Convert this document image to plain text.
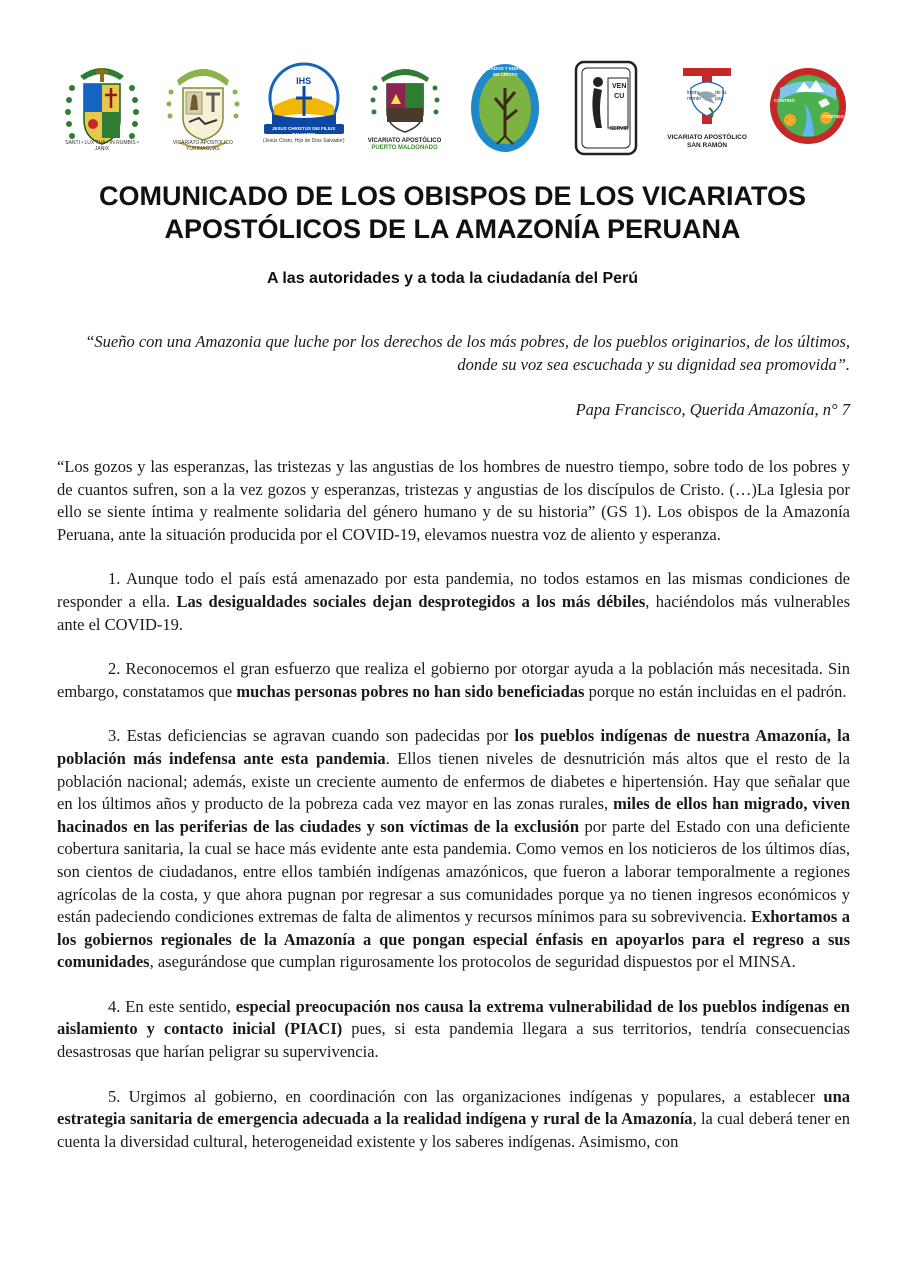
SANTI • LUX TUA • IN RUMBIS • JANIX
VICARIATO APOSTOLICO YURIMAGUAS
IHS
JESUS CHRISTUS DEI FILIUS SALVATOR
(Jesús Cristo, Hijo de Dios Salvador)	VICARIATO APOSTÓLICO
PUERTO MALDONADO
ENRAIZADOS Y EDIFICADOS EN CRISTO
VEN
CU
SERVIR
instru-
mento
de tu
paz
VICARIATO APOSTÓLICO
SAN RAMÓN
CONTIGO
CONTIGO
COMUNICADO DE LOS OBISPOS DE LOS VICARIATOS
APOSTÓLICOS DE LA AMAZONÍA PERUANA
A las autoridades y a toda la ciudadanía del Perú
“Sueño con una Amazonia que luche por los derechos de los más pobres, de los pueblos originarios, de los últimos, donde su voz sea escuchada y su dignidad sea promovida”.
Papa Francisco, Querida Amazonía, n° 7

“Los gozos y las esperanzas, las tristezas y las angustias de los hombres de nuestro tiempo, sobre todo de los pobres y de cuantos sufren, son a la vez gozos y esperanzas, tristezas y angustias de los discípulos de Cristo. (…)La Iglesia por ello se siente íntima y realmente solidaria del género humano y de su historia” (GS 1). Los obispos de la Amazonía Peruana, ante la situación producida por el COVID-19, elevamos nuestra voz de aliento y esperanza.

1. Aunque todo el país está amenazado por esta pandemia, no todos estamos en las mismas condiciones de responder a ella. Las desigualdades sociales dejan desprotegidos a los más débiles, haciéndolos más vulnerables ante el COVID-19.

2. Reconocemos el gran esfuerzo que realiza el gobierno por otorgar ayuda a la población más necesitada. Sin embargo, constatamos que muchas personas pobres no han sido beneficiadas porque no están incluidas en el padrón.

3. Estas deficiencias se agravan cuando son padecidas por los pueblos indígenas de nuestra Amazonía, la población más indefensa ante esta pandemia. Ellos tienen niveles de desnutrición más altos que el resto de la población nacional; además, existe un creciente aumento de enfermos de diabetes e hipertensión. Hay que señalar que en los últimos años y producto de la pobreza cada vez mayor en las zonas rurales, miles de ellos han migrado, viven hacinados en las periferias de las ciudades y son víctimas de la exclusión por parte del Estado con una deficiente cobertura sanitaria, la cual se hace más evidente ante esta pandemia. Como vemos en los noticieros de los últimos días, son cientos de ciudadanos, entre ellos también indígenas amazónicos, que fueron a laborar temporalmente a regiones agrícolas de la costa, y que ahora pugnan por regresar a sus comunidades porque ya no tienen ingresos económicos y están padeciendo condiciones extremas de falta de alimentos y recursos mínimos para su sobrevivencia. Exhortamos a los gobiernos regionales de la Amazonía a que pongan especial énfasis en apoyarlos para el regreso a sus comunidades, asegurándose que cumplan rigurosamente los protocolos de seguridad dispuestos por el MINSA.

4. En este sentido, especial preocupación nos causa la extrema vulnerabilidad de los pueblos indígenas en aislamiento y contacto inicial (PIACI) pues, si esta pandemia llegara a sus territorios, tendría consecuencias desastrosas que harían peligrar su supervivencia.

5. Urgimos al gobierno, en coordinación con las organizaciones indígenas y populares, a establecer una estrategia sanitaria de emergencia adecuada a la realidad indígena y rural de la Amazonía, la cual deberá tener en cuenta la diversidad cultural, heterogeneidad existente y los saberes indígenas. Asimismo, con
